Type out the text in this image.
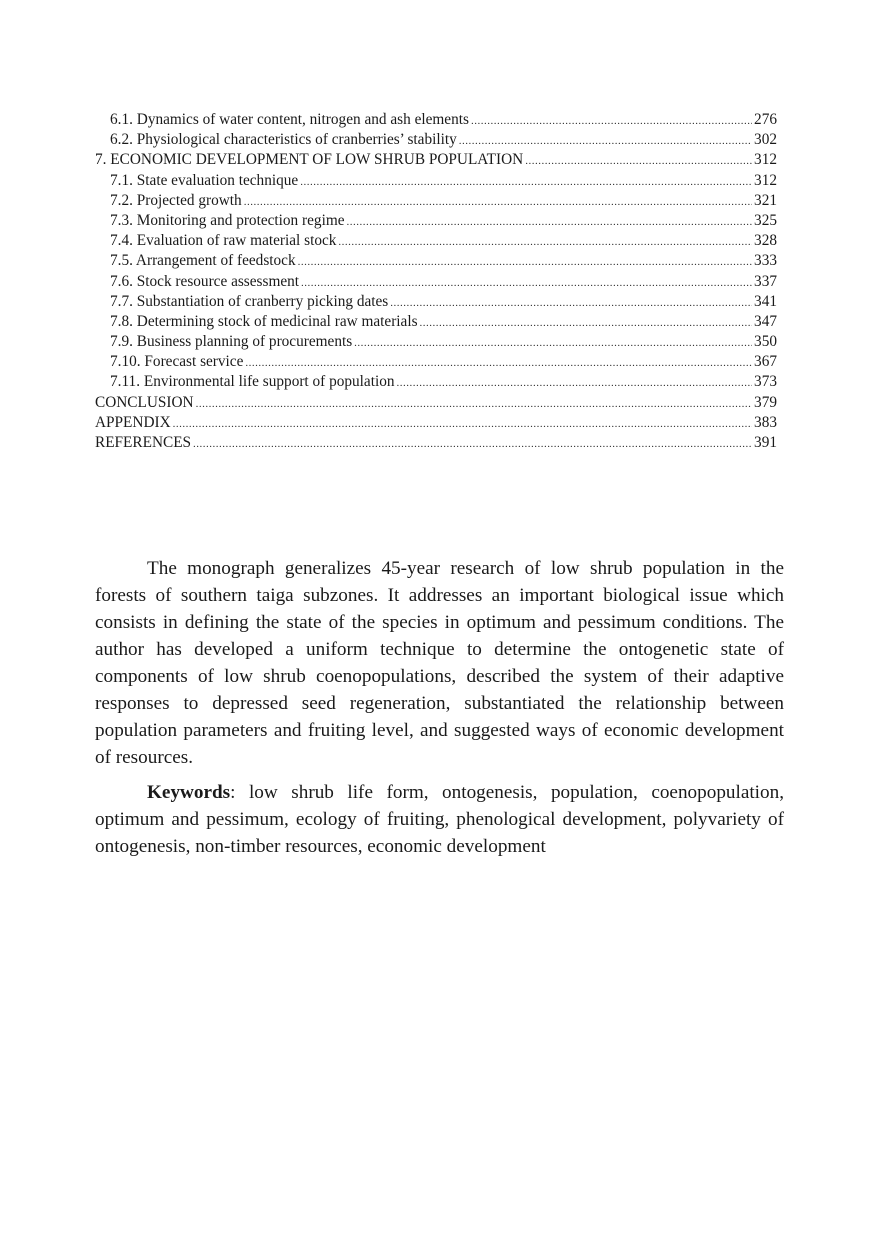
6.1. Dynamics of water content, nitrogen and ash elements .....	276
6.2. Physiological characteristics of cranberries’ stability .....	302
7. ECONOMIC DEVELOPMENT OF LOW SHRUB POPULATION .....	312
7.1. State evaluation technique .....	312
7.2. Projected growth .....	321
7.3. Monitoring and protection regime .....	325
7.4. Evaluation of raw material stock .....	328
7.5. Arrangement of feedstock .....	333
7.6. Stock resource assessment .....	337
7.7. Substantiation of cranberry picking dates .....	341
7.8. Determining stock of medicinal raw materials .....	347
7.9. Business planning of procurements .....	350
7.10. Forecast service .....	367
7.11. Environmental life support of population .....	373
CONCLUSION .....	379
APPENDIX .....	383
REFERENCES .....	391

The monograph generalizes 45-year research of low shrub population in the forests of southern taiga subzones. It addresses an important biological issue which consists in defining the state of the species in optimum and pessimum conditions. The author has developed a uniform technique to determine the ontogenetic state of components of low shrub coenopopulations, described the system of their adaptive responses to depressed seed regeneration, substantiated the relationship between population parameters and fruiting level, and suggested ways of economic development of resources.

Keywords: low shrub life form, ontogenesis, population, coenopopulation, optimum and pessimum, ecology of fruiting, phenological development, polyvariety of ontogenesis, non-timber resources, economic development
